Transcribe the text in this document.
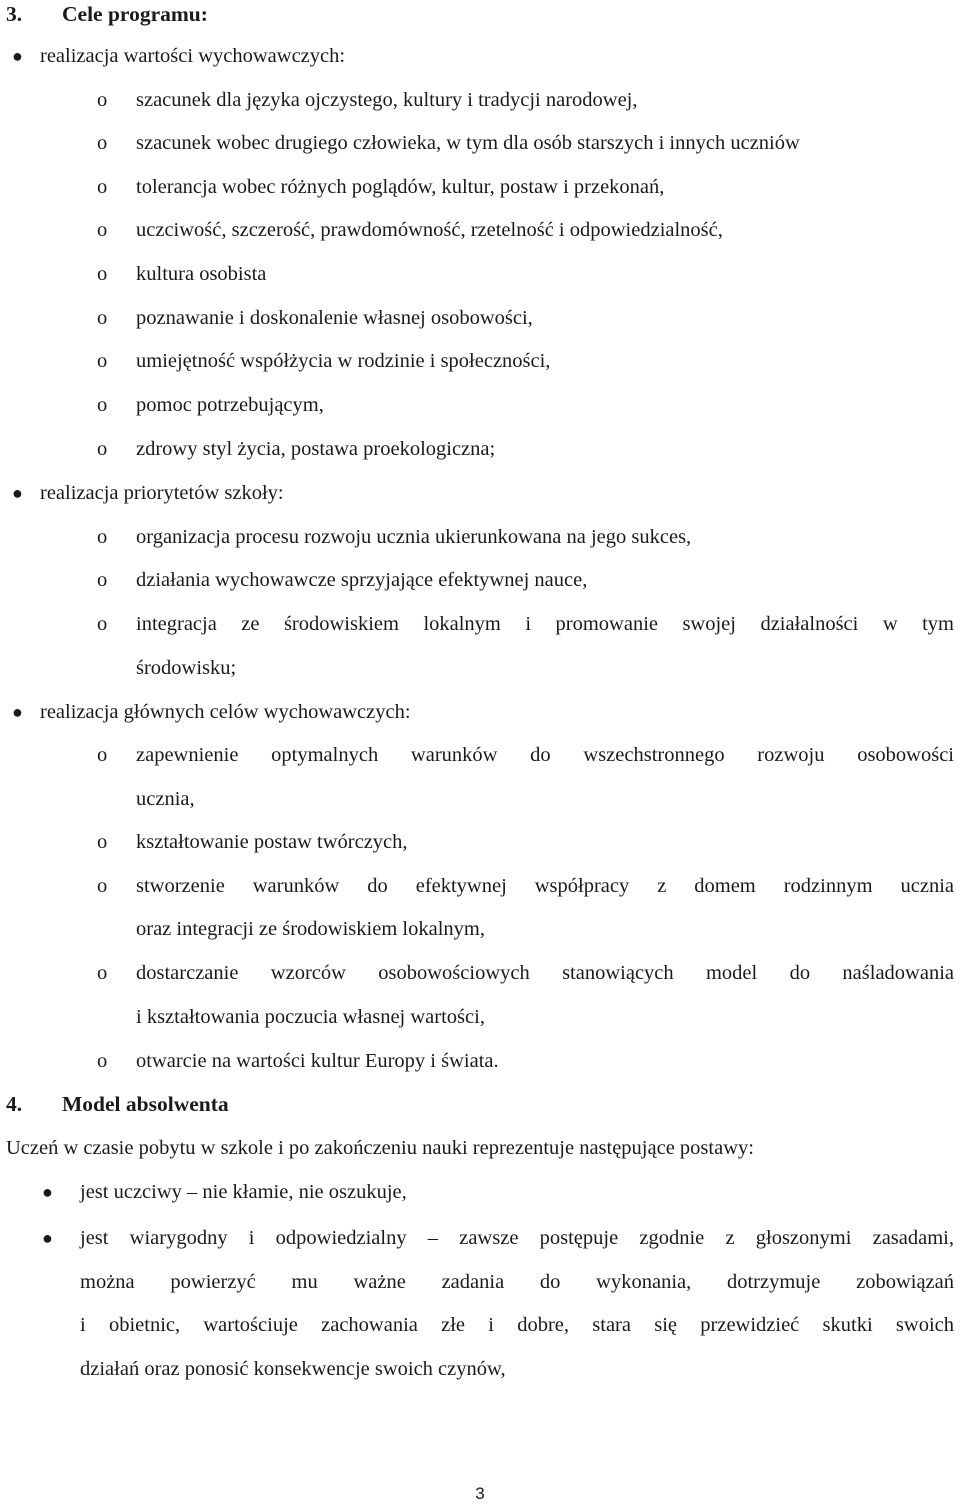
3. Cele programu:
● realizacja wartości wychowawczych:
o szacunek dla języka ojczystego, kultury i tradycji narodowej,
o szacunek wobec drugiego człowieka, w tym dla osób starszych i innych uczniów
o tolerancja wobec różnych poglądów, kultur, postaw i przekonań,
o uczciwość, szczerość, prawdomówność, rzetelność i odpowiedzialność,
o kultura osobista
o poznawanie i doskonalenie własnej osobowości,
o umiejętność współżycia w rodzinie i społeczności,
o pomoc potrzebującym,
o zdrowy styl życia, postawa proekologiczna;
● realizacja priorytetów szkoły:
o organizacja procesu rozwoju ucznia ukierunkowana na jego sukces,
o działania wychowawcze sprzyjające efektywnej nauce,
o integracja ze środowiskiem lokalnym i promowanie swojej działalności w tym
środowisku;
● realizacja głównych celów wychowawczych:
o zapewnienie optymalnych warunków do wszechstronnego rozwoju osobowości
ucznia,
o kształtowanie postaw twórczych,
o stworzenie warunków do efektywnej współpracy z domem rodzinnym ucznia
oraz integracji ze środowiskiem lokalnym,
o dostarczanie wzorców osobowościowych stanowiących model do naśladowania
i kształtowania poczucia własnej wartości,
o otwarcie na wartości kultur Europy i świata.
4. Model absolwenta
Uczeń w czasie pobytu w szkole i po zakończeniu nauki reprezentuje następujące postawy:
● jest uczciwy – nie kłamie, nie oszukuje,
● jest wiarygodny i odpowiedzialny – zawsze postępuje zgodnie z głoszonymi zasadami,
można powierzyć mu ważne zadania do wykonania, dotrzymuje zobowiązań
i obietnic, wartościuje zachowania złe i dobre, stara się przewidzieć skutki swoich
działań oraz ponosić konsekwencje swoich czynów,
3
